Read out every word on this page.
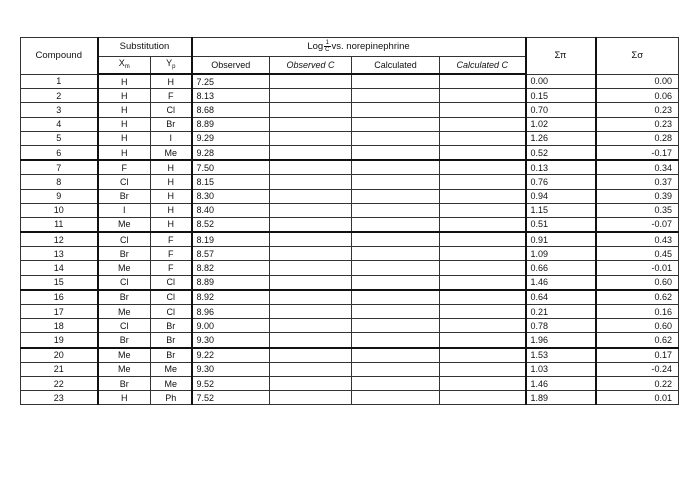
Compound	Substitution		Log $\frac{1}{C}$ vs. norepinephrine				Σπ	Σσ
	$X_m$	$Y_p$	Observed	Observed C	Calculated	Calculated C		
1	H	H	7.25				0.00	0.00
2	H	F	8.13				0.15	0.06
3	H	Cl	8.68				0.70	0.23
4	H	Br	8.89				1.02	0.23
5	H	I	9.29				1.26	0.28
6	H	Me	9.28				0.52	-0.17
7	F	H	7.50				0.13	0.34
8	Cl	H	8.15				0.76	0.37
9	Br	H	8.30				0.94	0.39
10	I	H	8.40				1.15	0.35
11	Me	H	8.52				0.51	-0.07
12	Cl	F	8.19				0.91	0.43
13	Br	F	8.57				1.09	0.45
14	Me	F	8.82				0.66	-0.01
15	Cl	Cl	8.89				1.46	0.60
16	Br	Cl	8.92				0.64	0.62
17	Me	Cl	8.96				0.21	0.16
18	Cl	Br	9.00				0.78	0.60
19	Br	Br	9.30				1.96	0.62
20	Me	Br	9.22				1.53	0.17
21	Me	Me	9.30				1.03	-0.24
22	Br	Me	9.52				1.46	0.22
23	H	Ph	7.52				1.89	0.01
